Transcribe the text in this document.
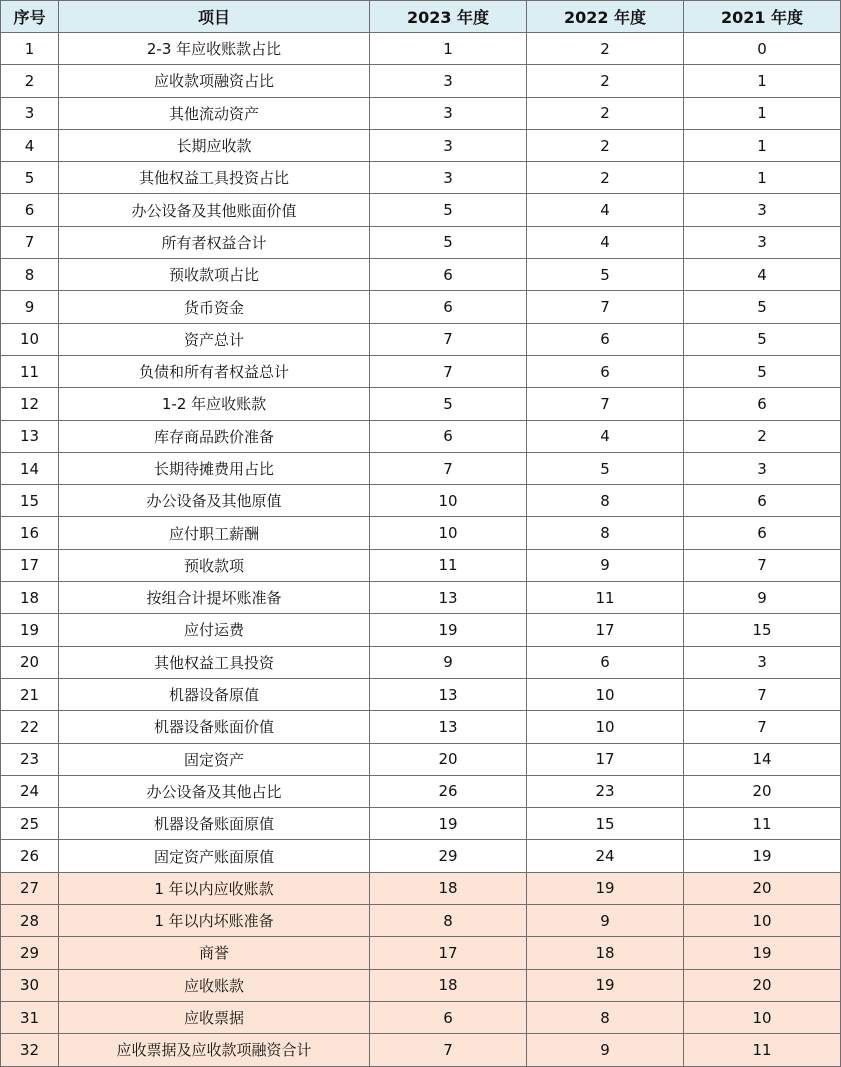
序号	项目	2023 年度	2022 年度	2021 年度
1	2-3 年应收账款占比	1	2	0
2	应收款项融资占比	3	2	1
3	其他流动资产	3	2	1
4	长期应收款	3	2	1
5	其他权益工具投资占比	3	2	1
6	办公设备及其他账面价值	5	4	3
7	所有者权益合计	5	4	3
8	预收款项占比	6	5	4
9	货币资金	6	7	5
10	资产总计	7	6	5
11	负债和所有者权益总计	7	6	5
12	1-2 年应收账款	5	7	6
13	库存商品跌价准备	6	4	2
14	长期待摊费用占比	7	5	3
15	办公设备及其他原值	10	8	6
16	应付职工薪酬	10	8	6
17	预收款项	11	9	7
18	按组合计提坏账准备	13	11	9
19	应付运费	19	17	15
20	其他权益工具投资	9	6	3
21	机器设备原值	13	10	7
22	机器设备账面价值	13	10	7
23	固定资产	20	17	14
24	办公设备及其他占比	26	23	20
25	机器设备账面原值	19	15	11
26	固定资产账面原值	29	24	19
27	1 年以内应收账款	18	19	20
28	1 年以内坏账准备	8	9	10
29	商誉	17	18	19
30	应收账款	18	19	20
31	应收票据	6	8	10
32	应收票据及应收款项融资合计	7	9	11
